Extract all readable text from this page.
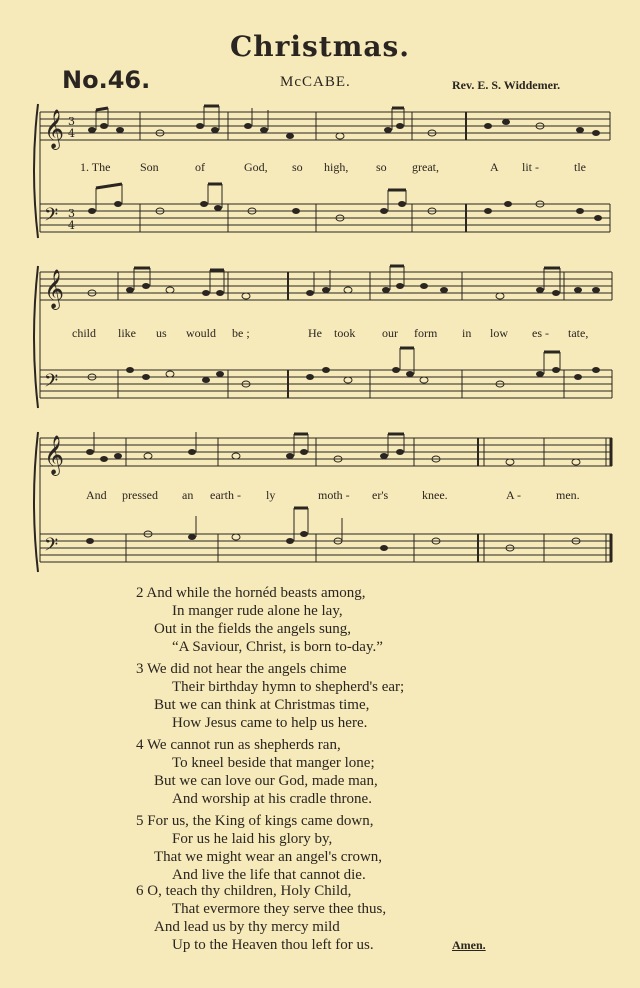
Christmas.
No.46.	McCABE.	Rev. E. S. Widdemer.
𝄞
𝄢
3
4
3
4
1. The Son	of	God, so high, so great,	A lit -	tle
𝄞
𝄢
child like us would be ;	He took our form in low es - tate,
𝄞
𝄢
And pressed an earth - ly	moth - er's	knee.	A -	men.
2 And while the hornéd beasts among,
In manger rude alone he lay,
Out in the fields the angels sung,
“A Saviour, Christ, is born to-day.”
3 We did not hear the angels chime
Their birthday hymn to shepherd's ear;
But we can think at Christmas time,
How Jesus came to help us here.
4 We cannot run as shepherds ran,
To kneel beside that manger lone;
But we can love our God, made man,
And worship at his cradle throne.
5 For us, the King of kings came down,
For us he laid his glory by,
That we might wear an angel's crown,
And live the life that cannot die.
6 O, teach thy children, Holy Child,
That evermore they serve thee thus,
And lead us by thy mercy mild
Up to the Heaven thou left for us.	Amen.
